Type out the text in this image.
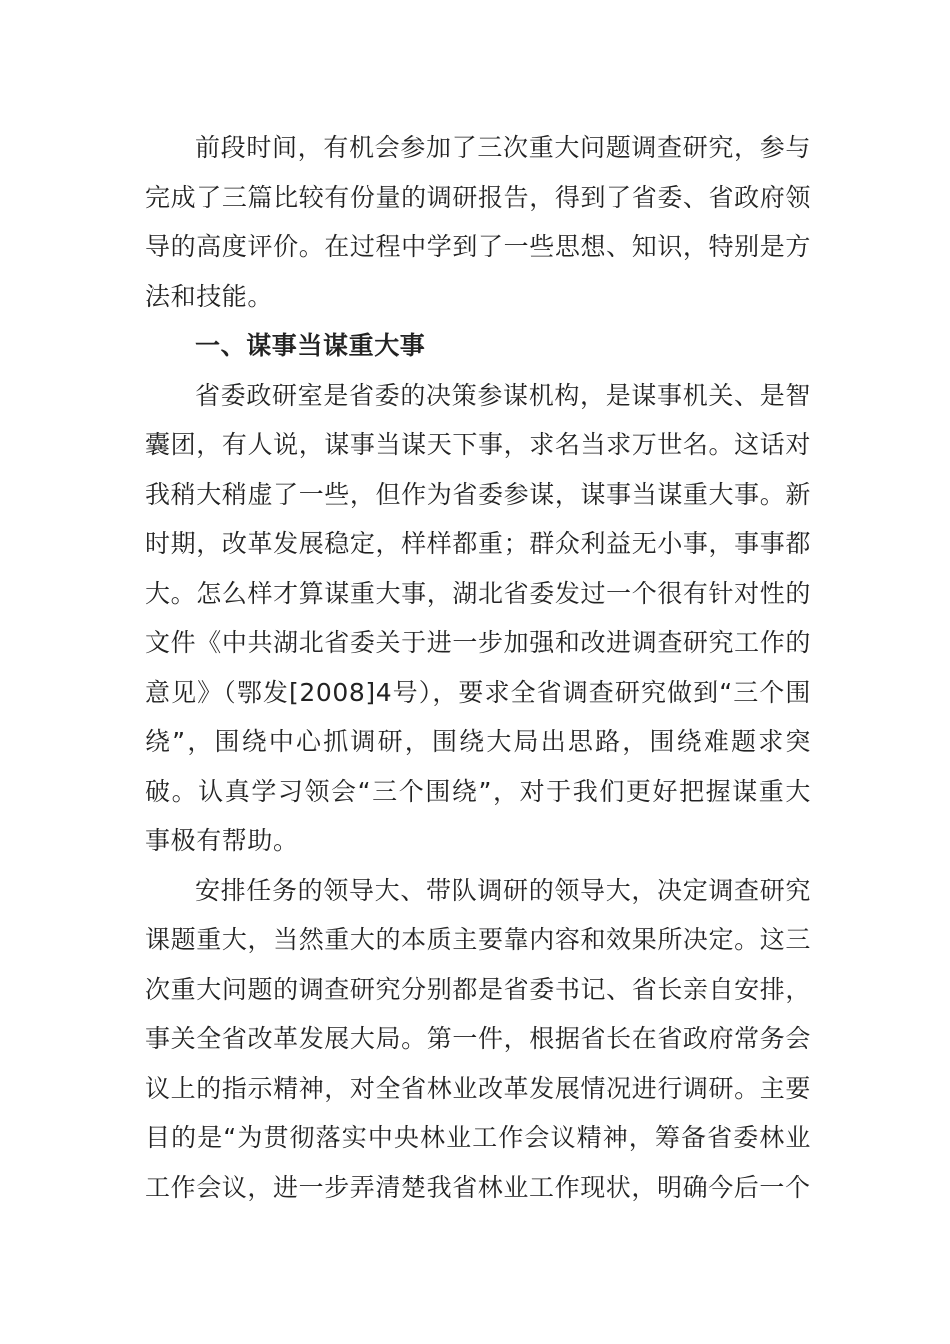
前段时间，有机会参加了三次重大问题调查研究，参与完成了三篇比较有份量的调研报告，得到了省委、省政府领导的高度评价。在过程中学到了一些思想、知识，特别是方法和技能。

一、谋事当谋重大事

省委政研室是省委的决策参谋机构，是谋事机关、是智囊团，有人说，谋事当谋天下事，求名当求万世名。这话对我稍大稍虚了一些，但作为省委参谋，谋事当谋重大事。新时期，改革发展稳定，样样都重；群众利益无小事，事事都大。怎么样才算谋重大事，湖北省委发过一个很有针对性的文件《中共湖北省委关于进一步加强和改进调查研究工作的意见》（鄂发[2008]4号），要求全省调查研究做到“三个围绕”，围绕中心抓调研，围绕大局出思路，围绕难题求突破。认真学习领会“三个围绕”，对于我们更好把握谋重大事极有帮助。

安排任务的领导大、带队调研的领导大，决定调查研究课题重大，当然重大的本质主要靠内容和效果所决定。这三次重大问题的调查研究分别都是省委书记、省长亲自安排，事关全省改革发展大局。第一件，根据省长在省政府常务会议上的指示精神，对全省林业改革发展情况进行调研。主要目的是“为贯彻落实中央林业工作会议精神，筹备省委林业工作会议，进一步弄清楚我省林业工作现状，明确今后一个
